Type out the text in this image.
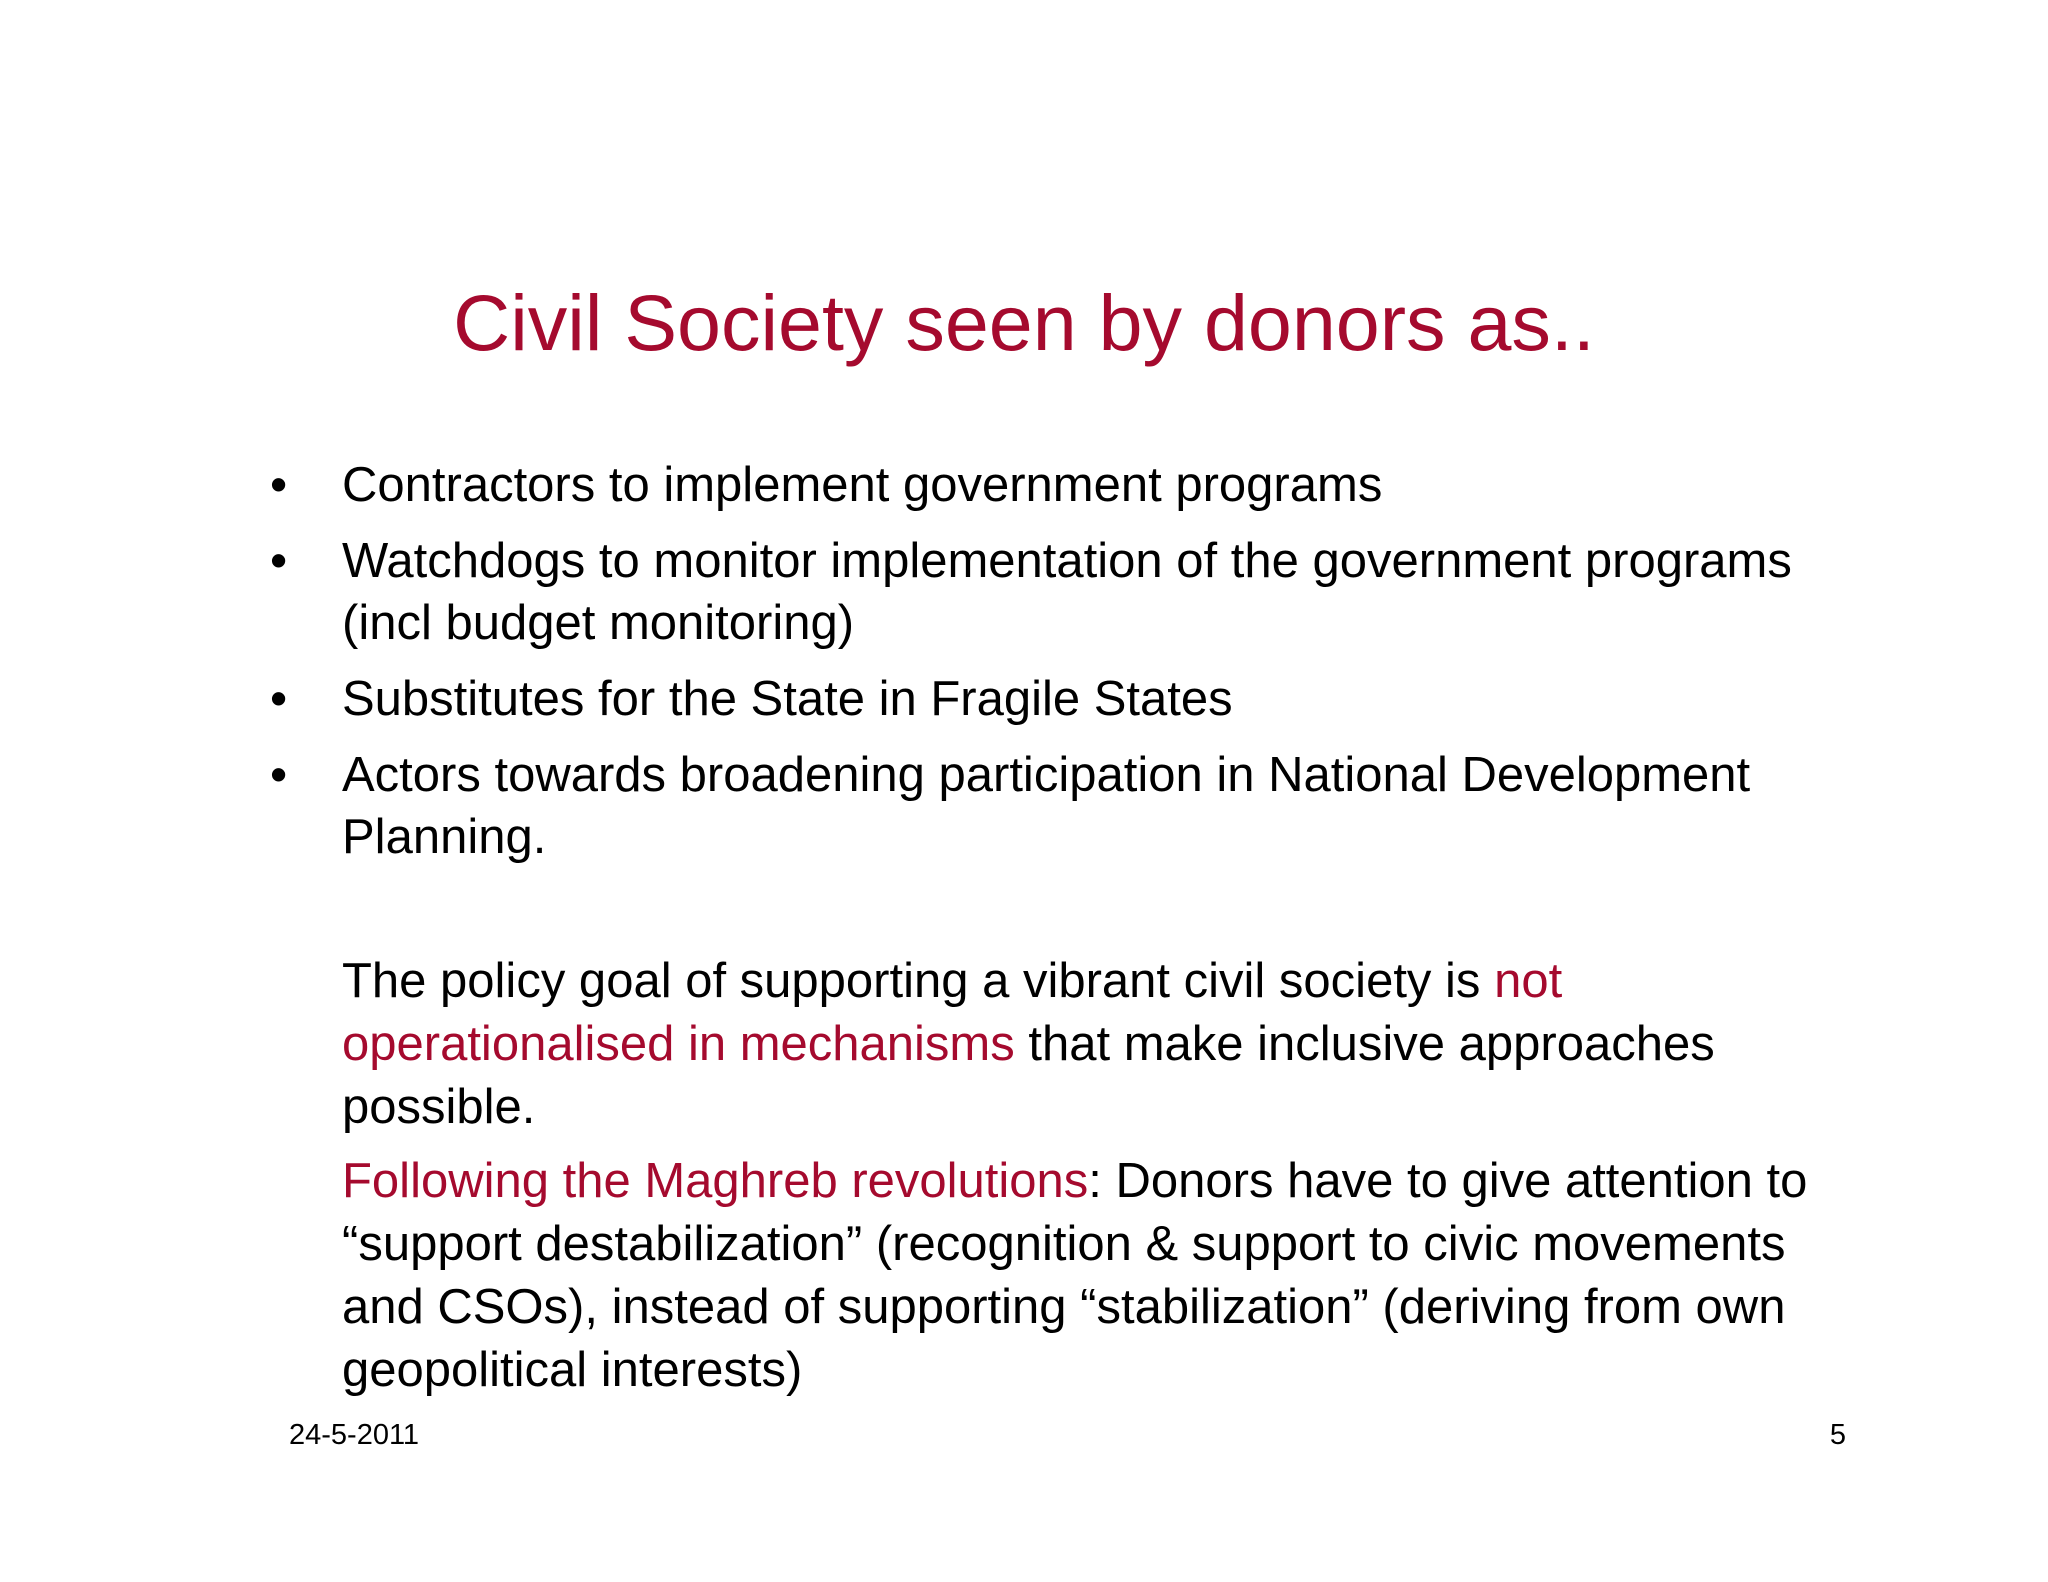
Civil Society seen by donors as..
• Contractors to implement government programs
• Watchdogs to monitor implementation of the government programs (incl budget monitoring)
• Substitutes for the State in Fragile States
• Actors towards broadening participation in National Development Planning.

The policy goal of supporting a vibrant civil society is not operationalised in mechanisms that make inclusive approaches possible.

Following the Maghreb revolutions: Donors have to give attention to “support destabilization” (recognition & support to civic movements and CSOs), instead of supporting “stabilization” (deriving from own geopolitical interests)

24-5-2011	5
